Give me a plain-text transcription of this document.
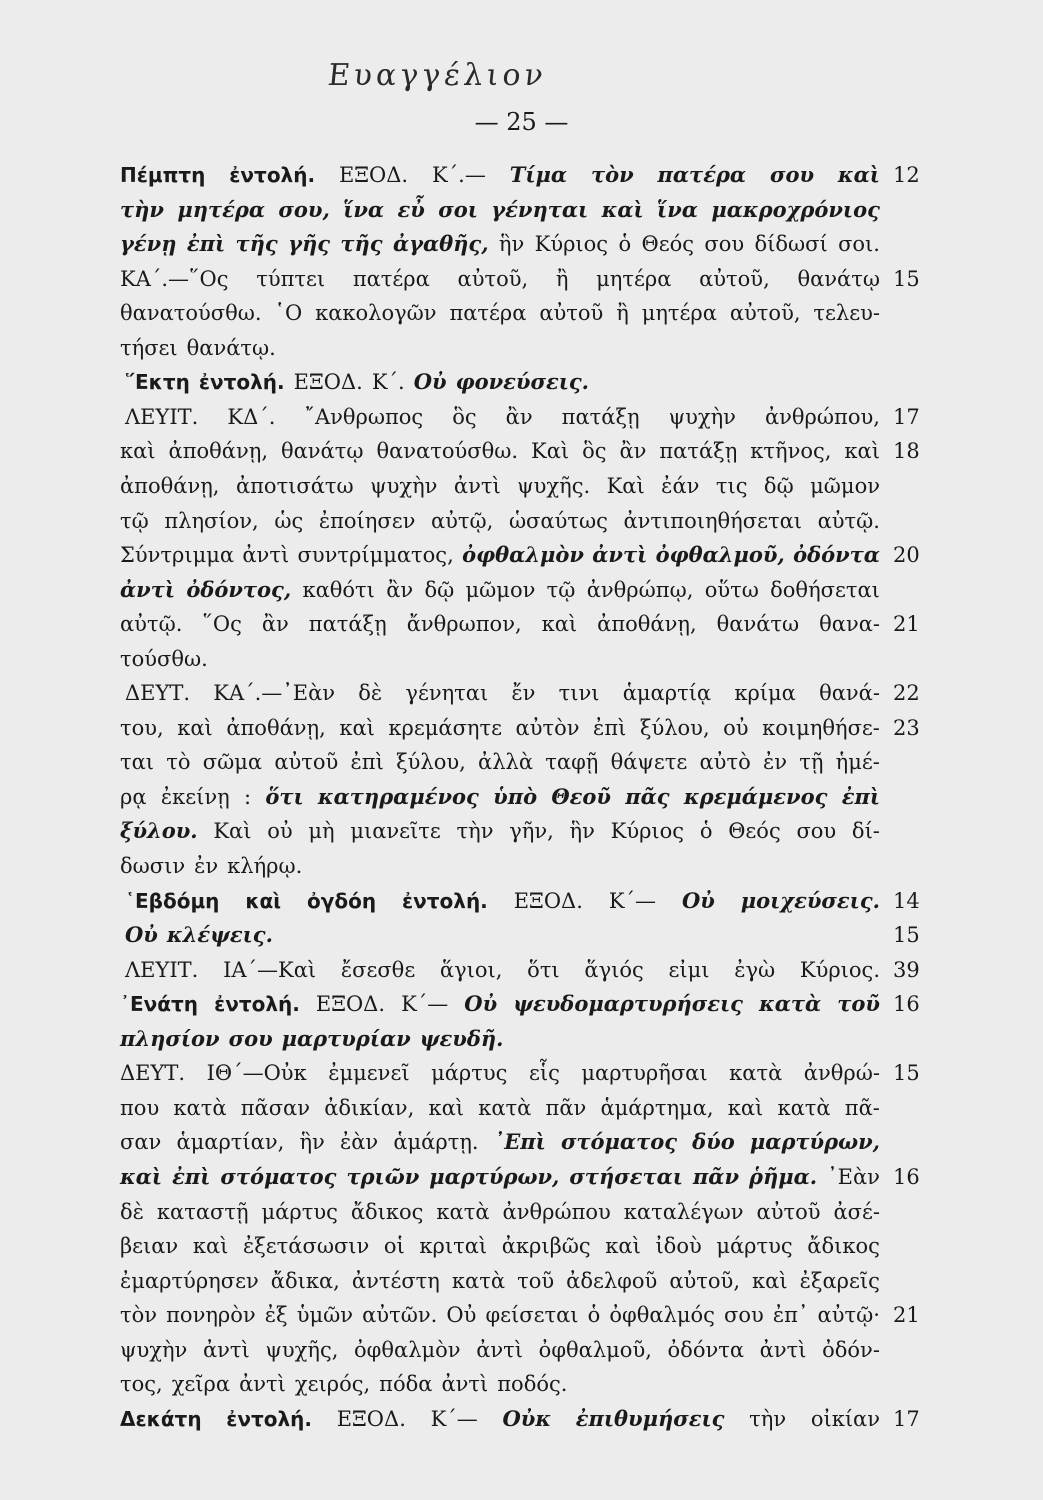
Ευαγγέλιον
— 25 —
Πέμπτη ἐντολή. ΕΞΟΔ. Κ΄.— Τίμα τὸν πατέρα σου καὶ 12
τὴν μητέρα σου, ἵνα εὖ σοι γένηται καὶ ἵνα μακροχρόνιος
γένῃ ἐπὶ τῆς γῆς τῆς ἀγαθῆς, ἣν Κύριος ὁ Θεός σου δίδωσί σοι.
ΚΑ΄.—῞Ος τύπτει πατέρα αὐτοῦ, ἢ μητέρα αὐτοῦ, θανάτῳ 15
θανατούσθω. ῾Ο κακολογῶν πατέρα αὐτοῦ ἢ μητέρα αὐτοῦ, τελευ-
τήσει θανάτῳ.
῞Εκτη ἐντολή. ΕΞΟΔ. Κ΄. Οὐ φονεύσεις.
ΛΕΥΙΤ. ΚΔ΄. ῎Ανθρωπος ὃς ἂν πατάξῃ ψυχὴν ἀνθρώπου, 17
καὶ ἀποθάνῃ, θανάτῳ θανατούσθω. Καὶ ὃς ἂν πατάξῃ κτῆνος, καὶ 18
ἀποθάνῃ, ἀποτισάτω ψυχὴν ἀντὶ ψυχῆς. Καὶ ἐάν τις δῷ μῶμον
τῷ πλησίον, ὡς ἐποίησεν αὐτῷ, ὡσαύτως ἀντιποιηθήσεται αὐτῷ.
Σύντριμμα ἀντὶ συντρίμματος, ὀφθαλμὸν ἀντὶ ὀφθαλμοῦ, ὀδόντα 20
ἀντὶ ὀδόντος, καθότι ἂν δῷ μῶμον τῷ ἀνθρώπῳ, οὕτω δοθήσεται
αὐτῷ. ῞Ος ἂν πατάξῃ ἄνθρωπον, καὶ ἀποθάνῃ, θανάτω θανα- 21
τούσθω.
ΔΕΥΤ. ΚΑ΄.—᾿Εὰν δὲ γένηται ἔν τινι ἁμαρτίᾳ κρίμα θανά- 22
του, καὶ ἀποθάνῃ, καὶ κρεμάσητε αὐτὸν ἐπὶ ξύλου, οὐ κοιμηθήσε- 23
ται τὸ σῶμα αὐτοῦ ἐπὶ ξύλου, ἀλλὰ ταφῇ θάψετε αὐτὸ ἐν τῇ ἡμέ-
ρᾳ ἐκείνῃ : ὅτι κατηραμένος ὑπὸ Θεοῦ πᾶς κρεμάμενος ἐπὶ
ξύλου. Καὶ οὐ μὴ μιανεῖτε τὴν γῆν, ἣν Κύριος ὁ Θεός σου δί-
δωσιν ἐν κλήρῳ.
῾Εβδόμη καὶ ὀγδόη ἐντολή. ΕΞΟΔ. Κ΄— Οὐ μοιχεύσεις. 14
Οὐ κλέψεις.	15
ΛΕΥΙΤ. ΙΑ΄—Καὶ ἔσεσθε ἅγιοι, ὅτι ἅγιός εἰμι ἐγὼ Κύριος. 39
᾿Ενάτη ἐντολή. ΕΞΟΔ. Κ΄— Οὐ ψευδομαρτυρήσεις κατὰ τοῦ 16
πλησίον σου μαρτυρίαν ψευδῆ.
ΔΕΥΤ. ΙΘ΄—Οὐκ ἐμμενεῖ μάρτυς εἷς μαρτυρῆσαι κατὰ ἀνθρώ- 15
που κατὰ πᾶσαν ἀδικίαν, καὶ κατὰ πᾶν ἁμάρτημα, καὶ κατὰ πᾶ-
σαν ἁμαρτίαν, ἣν ἐὰν ἁμάρτῃ. ᾿Επὶ στόματος δύο μαρτύρων,
καὶ ἐπὶ στόματος τριῶν μαρτύρων, στήσεται πᾶν ῥῆμα. ᾿Εὰν 16
δὲ καταστῇ μάρτυς ἄδικος κατὰ ἀνθρώπου καταλέγων αὐτοῦ ἀσέ-
βειαν καὶ ἐξετάσωσιν οἱ κριταὶ ἀκριβῶς καὶ ἰδοὺ μάρτυς ἄδικος
ἐμαρτύρησεν ἄδικα, ἀντέστη κατὰ τοῦ ἀδελφοῦ αὐτοῦ, καὶ ἐξαρεῖς
τὸν πονηρὸν ἐξ ὑμῶν αὐτῶν. Οὐ φείσεται ὁ ὀφθαλμός σου ἐπ᾿ αὐτῷ· 21
ψυχὴν ἀντὶ ψυχῆς, ὀφθαλμὸν ἀντὶ ὀφθαλμοῦ, ὀδόντα ἀντὶ ὀδόν-
τος, χεῖρα ἀντὶ χειρός, πόδα ἀντὶ ποδός.
Δεκάτη ἐντολή. ΕΞΟΔ. Κ΄— Οὐκ ἐπιθυμήσεις τὴν οἰκίαν 17
